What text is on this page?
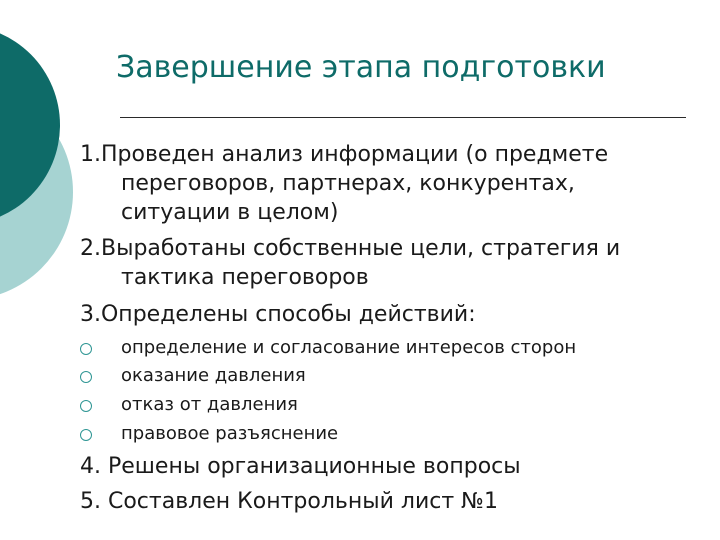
Завершение этапа подготовки
1.Проведен анализ информации (о предмете
переговоров, партнерах, конкурентах,
ситуации в целом)
2.Выработаны собственные цели, стратегия и
тактика переговоров
3.Определены способы действий:
определение и согласование интересов сторон
оказание давления
отказ от давления
правовое разъяснение
4. Решены организационные вопросы
5. Составлен Контрольный лист №1
